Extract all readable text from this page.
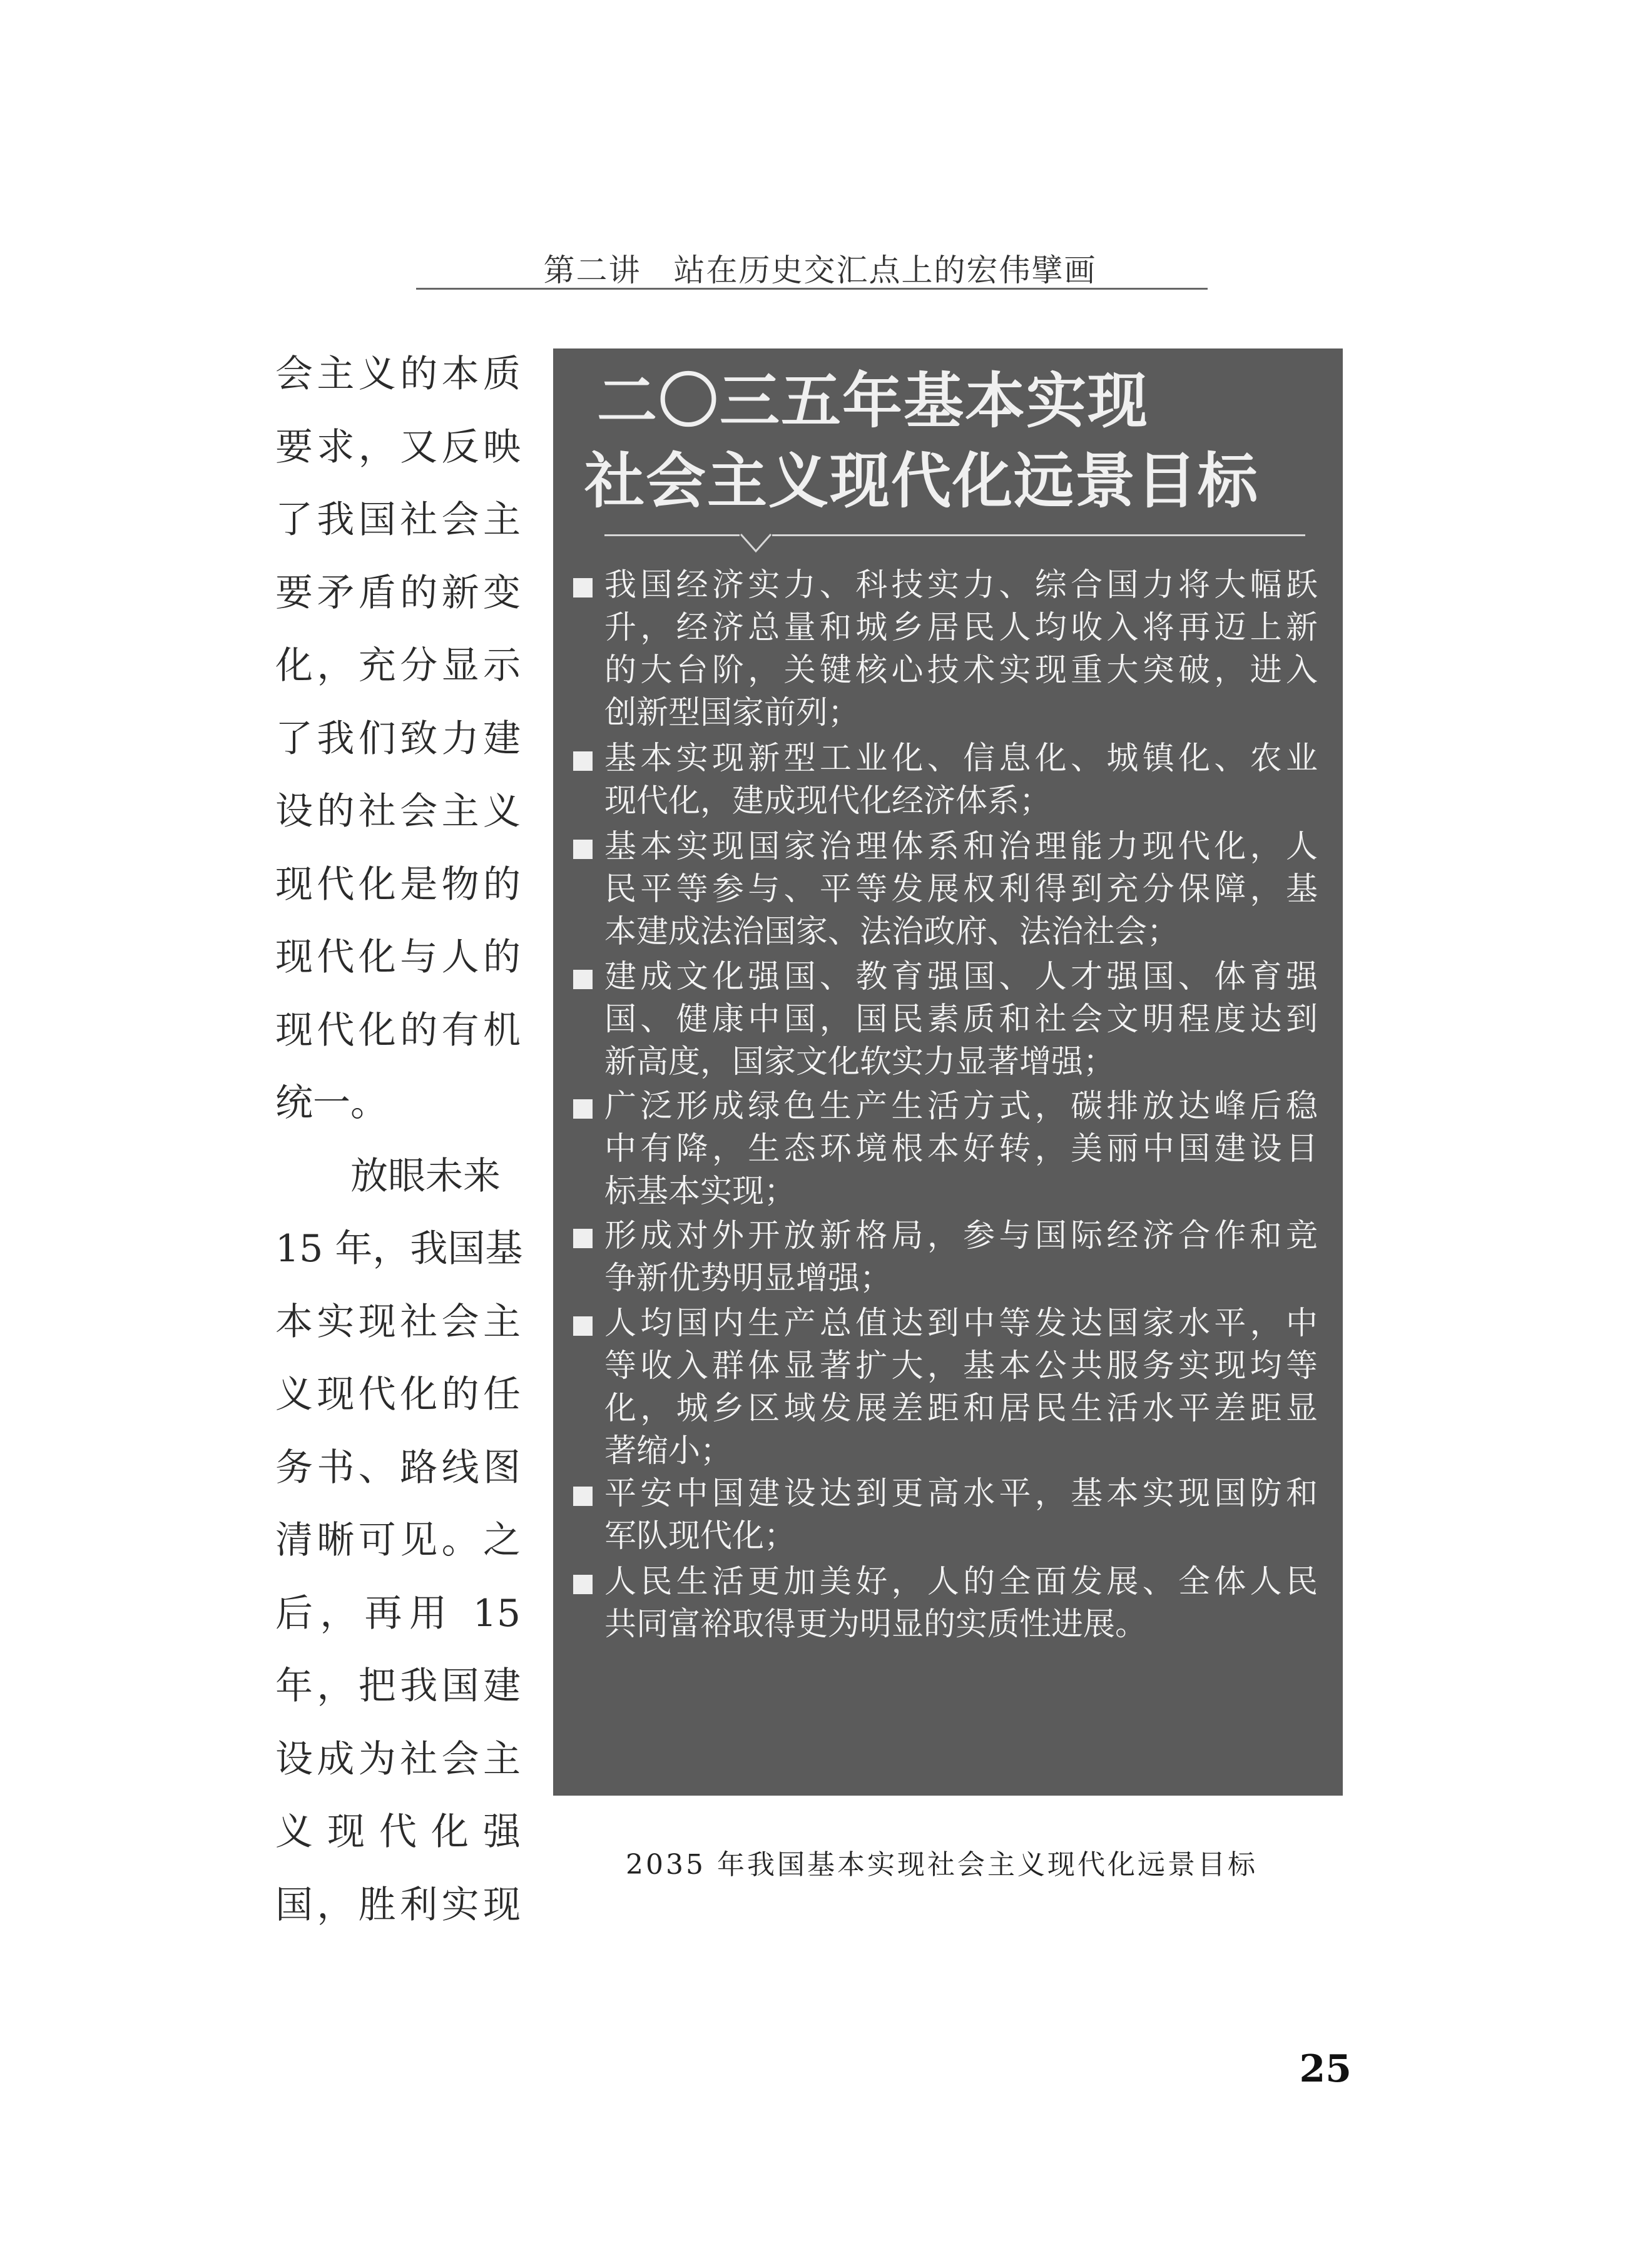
第二讲　站在历史交汇点上的宏伟擘画
会主义的本质
要求，又反映
了我国社会主
要矛盾的新变
化，充分显示
了我们致力建
设的社会主义
现代化是物的
现代化与人的
现代化的有机
统一。
放眼未来
15 年，我国基
本实现社会主
义现代化的任
务书、路线图
清晰可见。之
后，再用 15
年，把我国建
设成为社会主
义现代化强
国，胜利实现
二〇三五年基本实现
社会主义现代化远景目标
我国经济实力、科技实力、综合国力将大幅跃
升，经济总量和城乡居民人均收入将再迈上新
的大台阶，关键核心技术实现重大突破，进入
创新型国家前列；
基本实现新型工业化、信息化、城镇化、农业
现代化，建成现代化经济体系；
基本实现国家治理体系和治理能力现代化，人
民平等参与、平等发展权利得到充分保障，基
本建成法治国家、法治政府、法治社会；
建成文化强国、教育强国、人才强国、体育强
国、健康中国，国民素质和社会文明程度达到
新高度，国家文化软实力显著增强；
广泛形成绿色生产生活方式，碳排放达峰后稳
中有降，生态环境根本好转，美丽中国建设目
标基本实现；
形成对外开放新格局，参与国际经济合作和竞
争新优势明显增强；
人均国内生产总值达到中等发达国家水平，中
等收入群体显著扩大，基本公共服务实现均等
化，城乡区域发展差距和居民生活水平差距显
著缩小；
平安中国建设达到更高水平，基本实现国防和
军队现代化；
人民生活更加美好，人的全面发展、全体人民
共同富裕取得更为明显的实质性进展。
2035 年我国基本实现社会主义现代化远景目标
25
